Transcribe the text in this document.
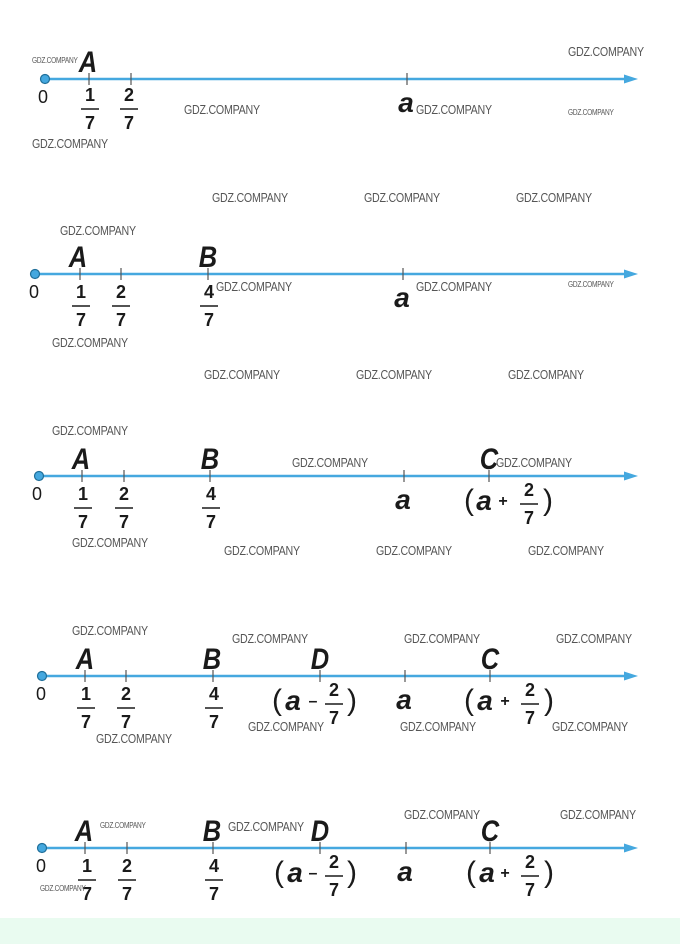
0
A
1
7
2
7
a
0
A	B
1
7
2
7
4
7
a
0
A	B	C
1
7
2
7
4
7
a ( a +
2
7
)
0
A	B	D	C
1
7
2
7
4
7
( a –
2
7
) a ( a +
2
7
)
0
A	B	D	C
1
7
2
7
4
7
( a –
2
7
) a ( a +
2
7
)
GDZ.COMPANY
GDZ.COMPANY
GDZ.COMPANY	GDZ.COMPANY	GDZ.COMPANY
GDZ.COMPANY
GDZ.COMPANY	GDZ.COMPANY	GDZ.COMPANY
GDZ.COMPANY
GDZ.COMPANY	GDZ.COMPANY	GDZ.COMPANY
GDZ.COMPANY
GDZ.COMPANY	GDZ.COMPANY	GDZ.COMPANY
GDZ.COMPANY
GDZ.COMPANY	GDZ.COMPANY
GDZ.COMPANY
GDZ.COMPANY	GDZ.COMPANY	GDZ.COMPANY
GDZ.COMPANY
GDZ.COMPANY	GDZ.COMPANY	GDZ.COMPANY
GDZ.COMPANY	GDZ.COMPANY	GDZ.COMPANY
GDZ.COMPANY
GDZ.COMPANY	GDZ.COMPANY
GDZ.COMPANY	GDZ.COMPANY
GDZ.COMPANY
